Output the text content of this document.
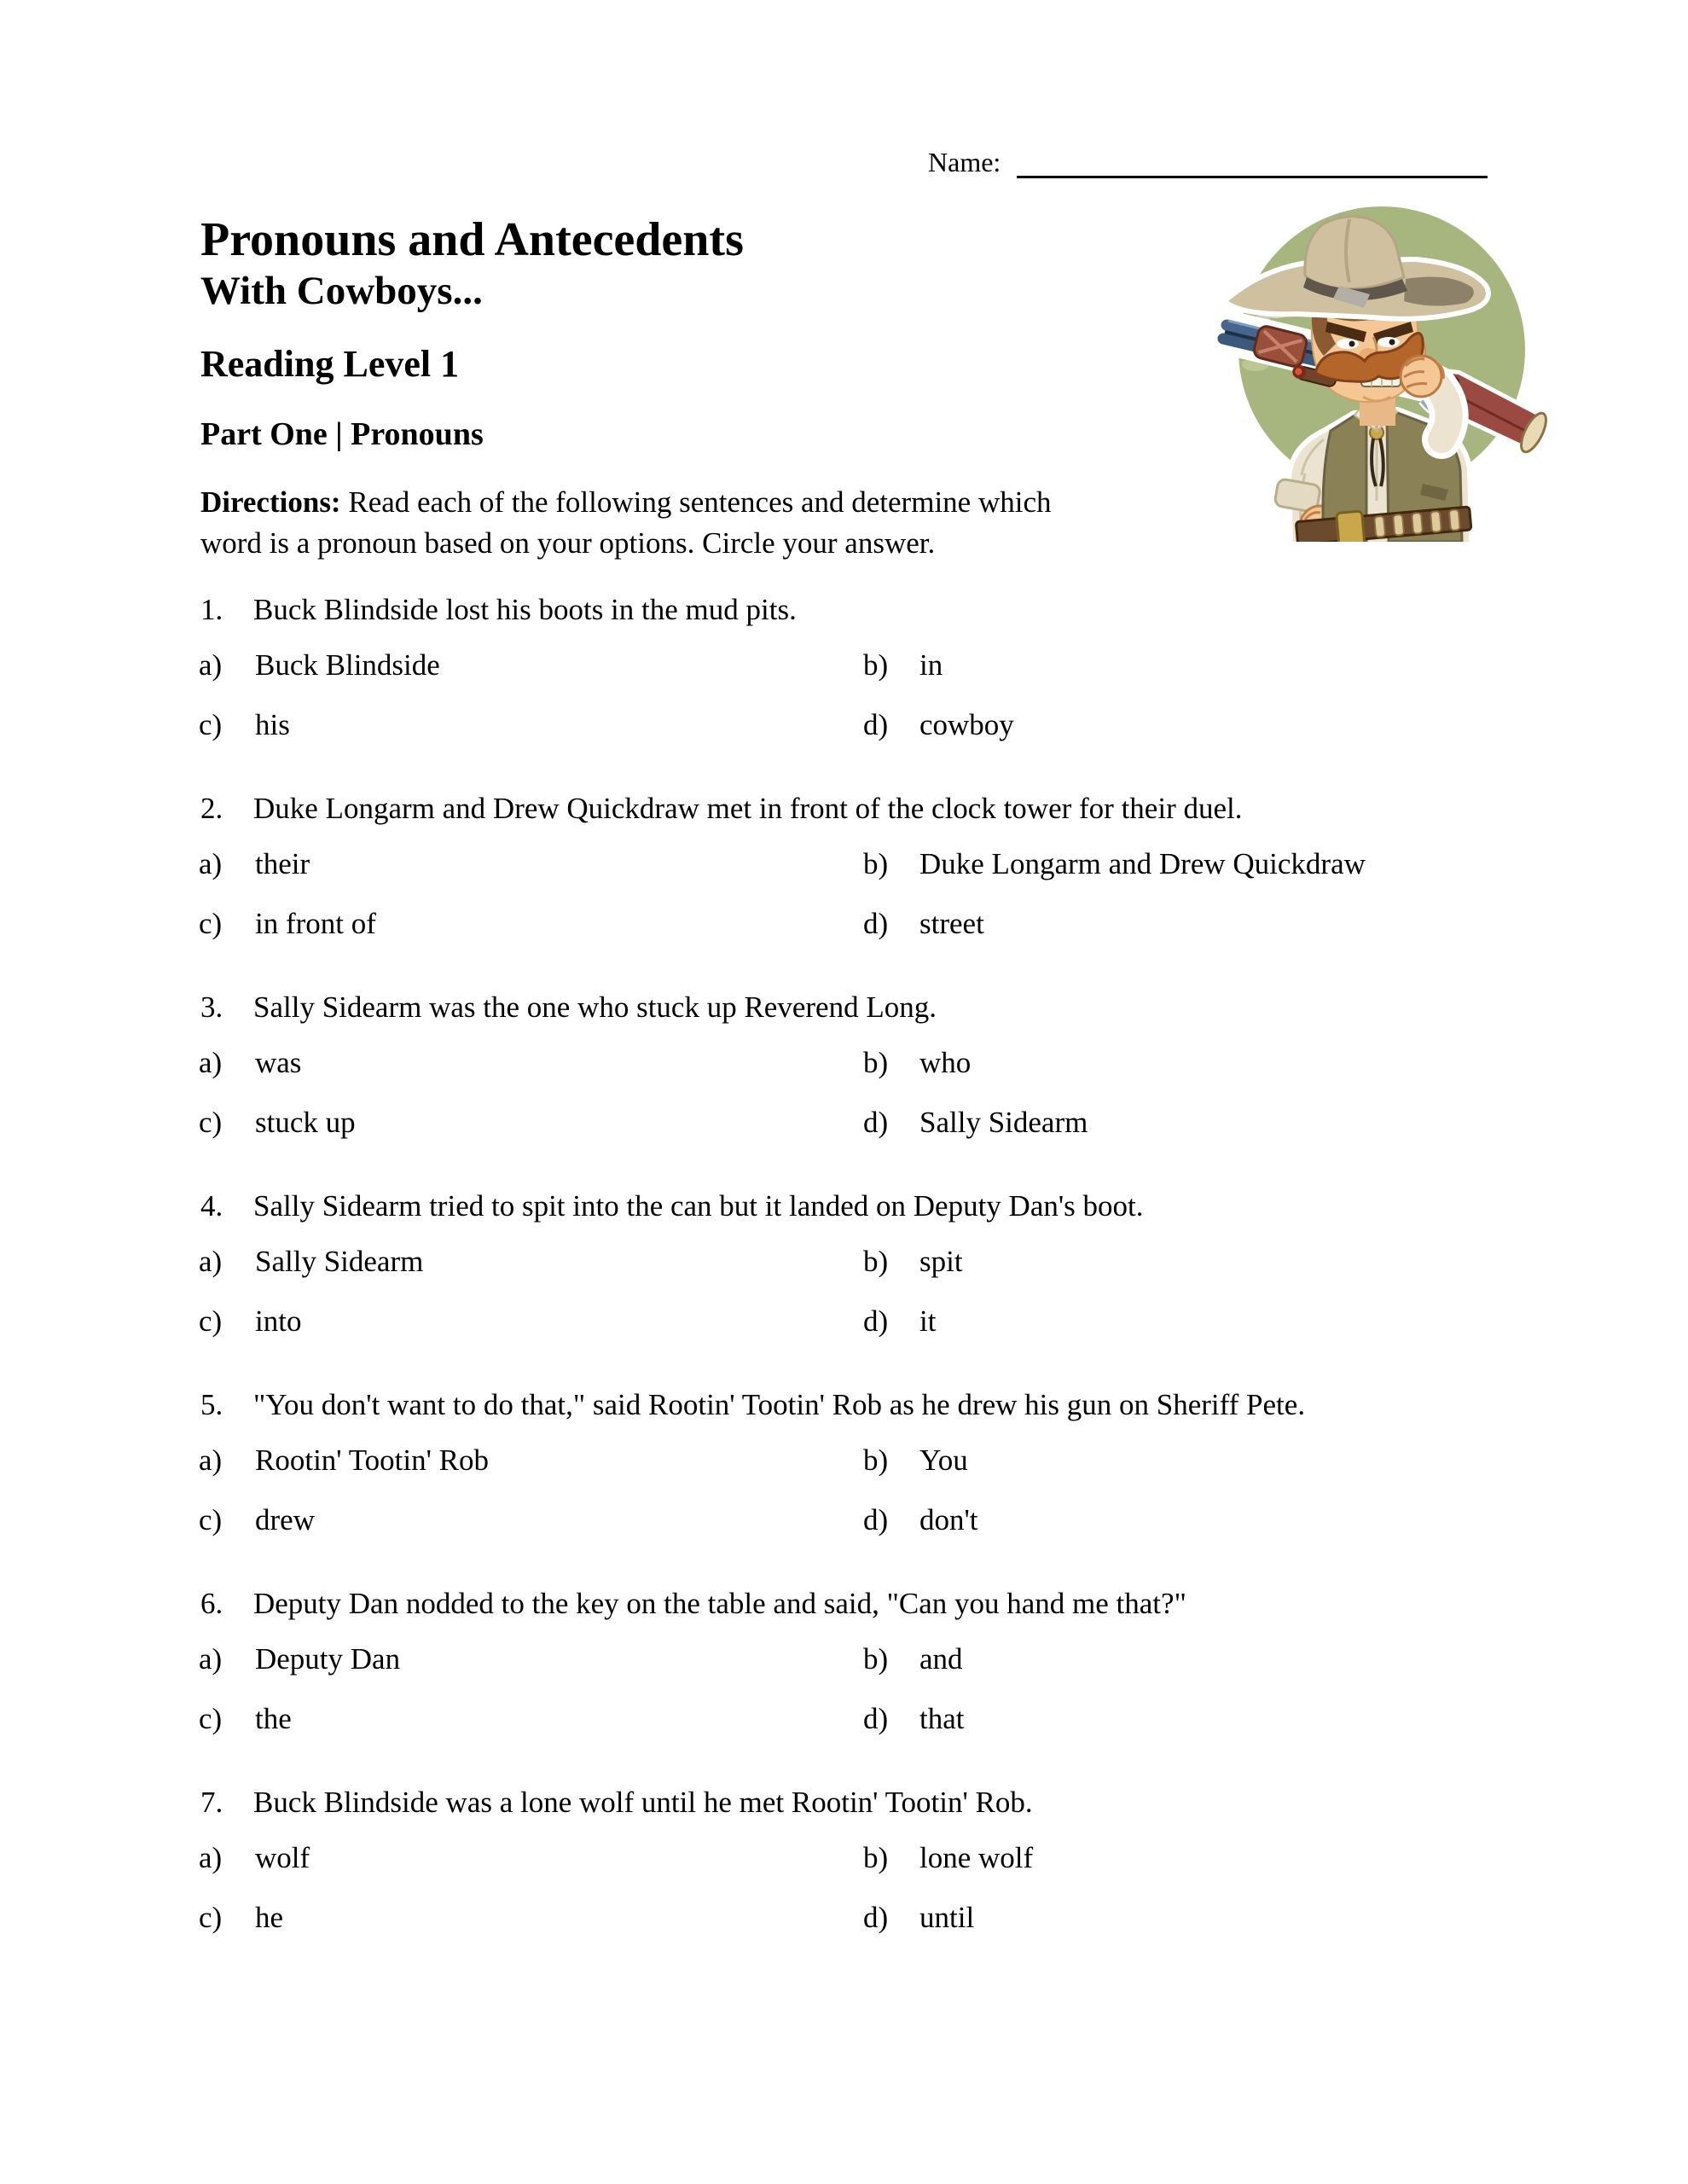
Name:
Pronouns and Antecedents
With Cowboys...
Reading Level 1
Part One | Pronouns
Directions: Read each of the following sentences and determine which
word is a pronoun based on your options. Circle your answer.
1. Buck Blindside lost his boots in the mud pits.
a) Buck Blindside	b) in
c) his	d) cowboy
2. Duke Longarm and Drew Quickdraw met in front of the clock tower for their duel.
a) their	b) Duke Longarm and Drew Quickdraw
c) in front of	d) street
3. Sally Sidearm was the one who stuck up Reverend Long.
a) was	b) who
c) stuck up	d) Sally Sidearm
4. Sally Sidearm tried to spit into the can but it landed on Deputy Dan's boot.
a) Sally Sidearm	b) spit
c) into	d) it
5. "You don't want to do that," said Rootin' Tootin' Rob as he drew his gun on Sheriff Pete.
a) Rootin' Tootin' Rob	b) You
c) drew	d) don't
6. Deputy Dan nodded to the key on the table and said, "Can you hand me that?"
a) Deputy Dan	b) and
c) the	d) that
7. Buck Blindside was a lone wolf until he met Rootin' Tootin' Rob.
a) wolf	b) lone wolf
c) he	d) until
